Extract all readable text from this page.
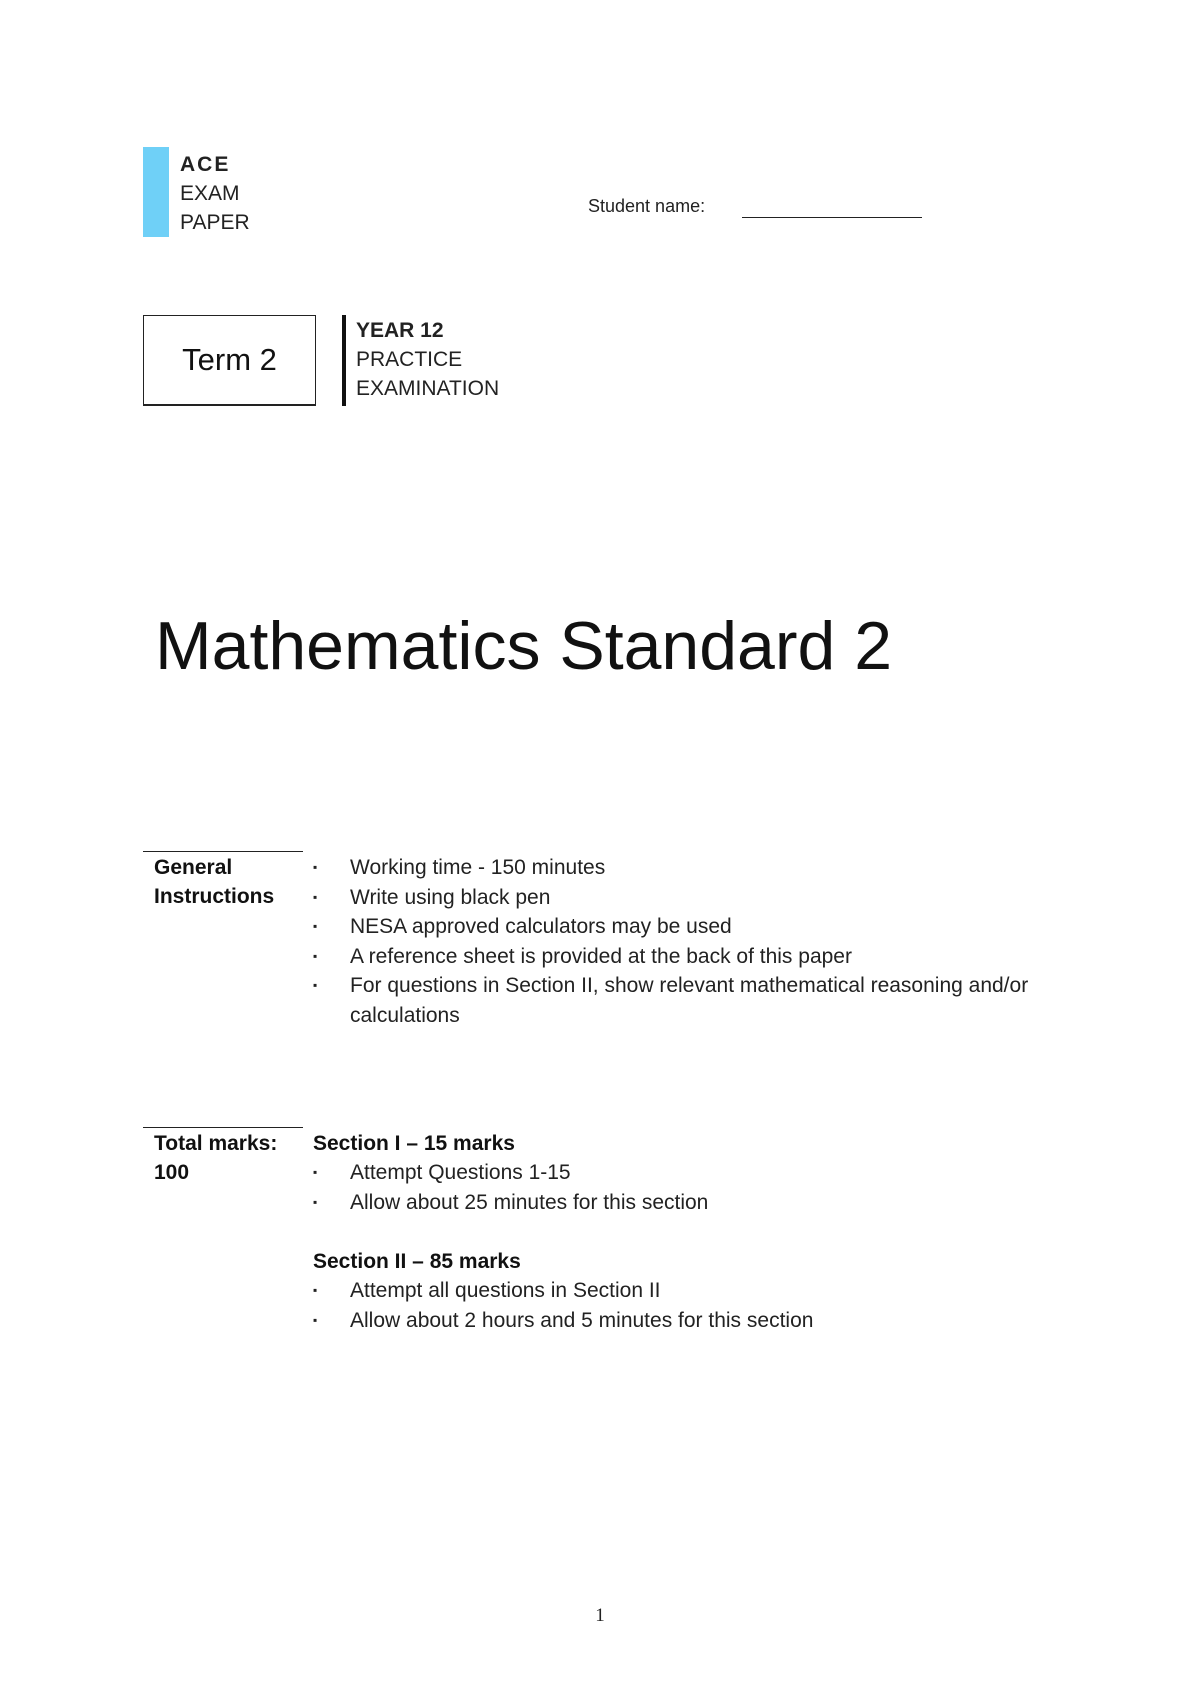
ACE
EXAM
PAPER
Student name:
Term 2
YEAR 12
PRACTICE
EXAMINATION
Mathematics Standard 2
General
Instructions
▪ Working time - 150 minutes
▪ Write using black pen
▪ NESA approved calculators may be used
▪ A reference sheet is provided at the back of this paper
▪ For questions in Section II, show relevant mathematical reasoning and/or calculations
Total marks:
100
Section I – 15 marks
▪ Attempt Questions 1-15
▪ Allow about 25 minutes for this section
Section II – 85 marks
▪ Attempt all questions in Section II
▪ Allow about 2 hours and 5 minutes for this section
1
